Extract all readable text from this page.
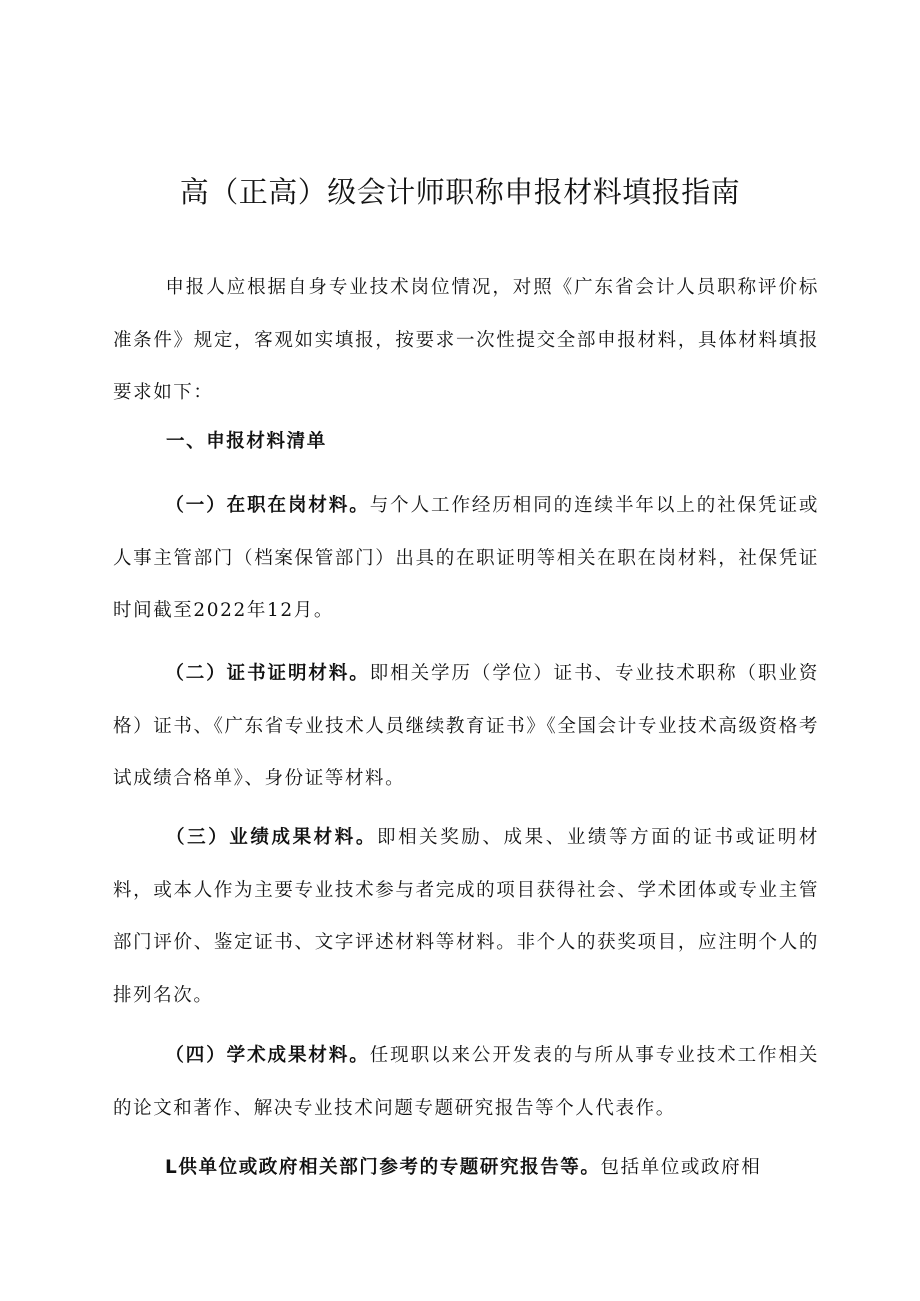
高（正高）级会计师职称申报材料填报指南

申报人应根据自身专业技术岗位情况，对照《广东省会计人员职称评价标准条件》规定，客观如实填报，按要求一次性提交全部申报材料，具体材料填报要求如下：

一、申报材料清单

（一）在职在岗材料。与个人工作经历相同的连续半年以上的社保凭证或人事主管部门（档案保管部门）出具的在职证明等相关在职在岗材料，社保凭证时间截至2022年12月。

（二）证书证明材料。即相关学历（学位）证书、专业技术职称（职业资格）证书、《广东省专业技术人员继续教育证书》《全国会计专业技术高级资格考试成绩合格单》、身份证等材料。

（三）业绩成果材料。即相关奖励、成果、业绩等方面的证书或证明材料，或本人作为主要专业技术参与者完成的项目获得社会、学术团体或专业主管部门评价、鉴定证书、文字评述材料等材料。非个人的获奖项目，应注明个人的排列名次。

（四）学术成果材料。任现职以来公开发表的与所从事专业技术工作相关的论文和著作、解决专业技术问题专题研究报告等个人代表作。

L供单位或政府相关部门参考的专题研究报告等。包括单位或政府相
